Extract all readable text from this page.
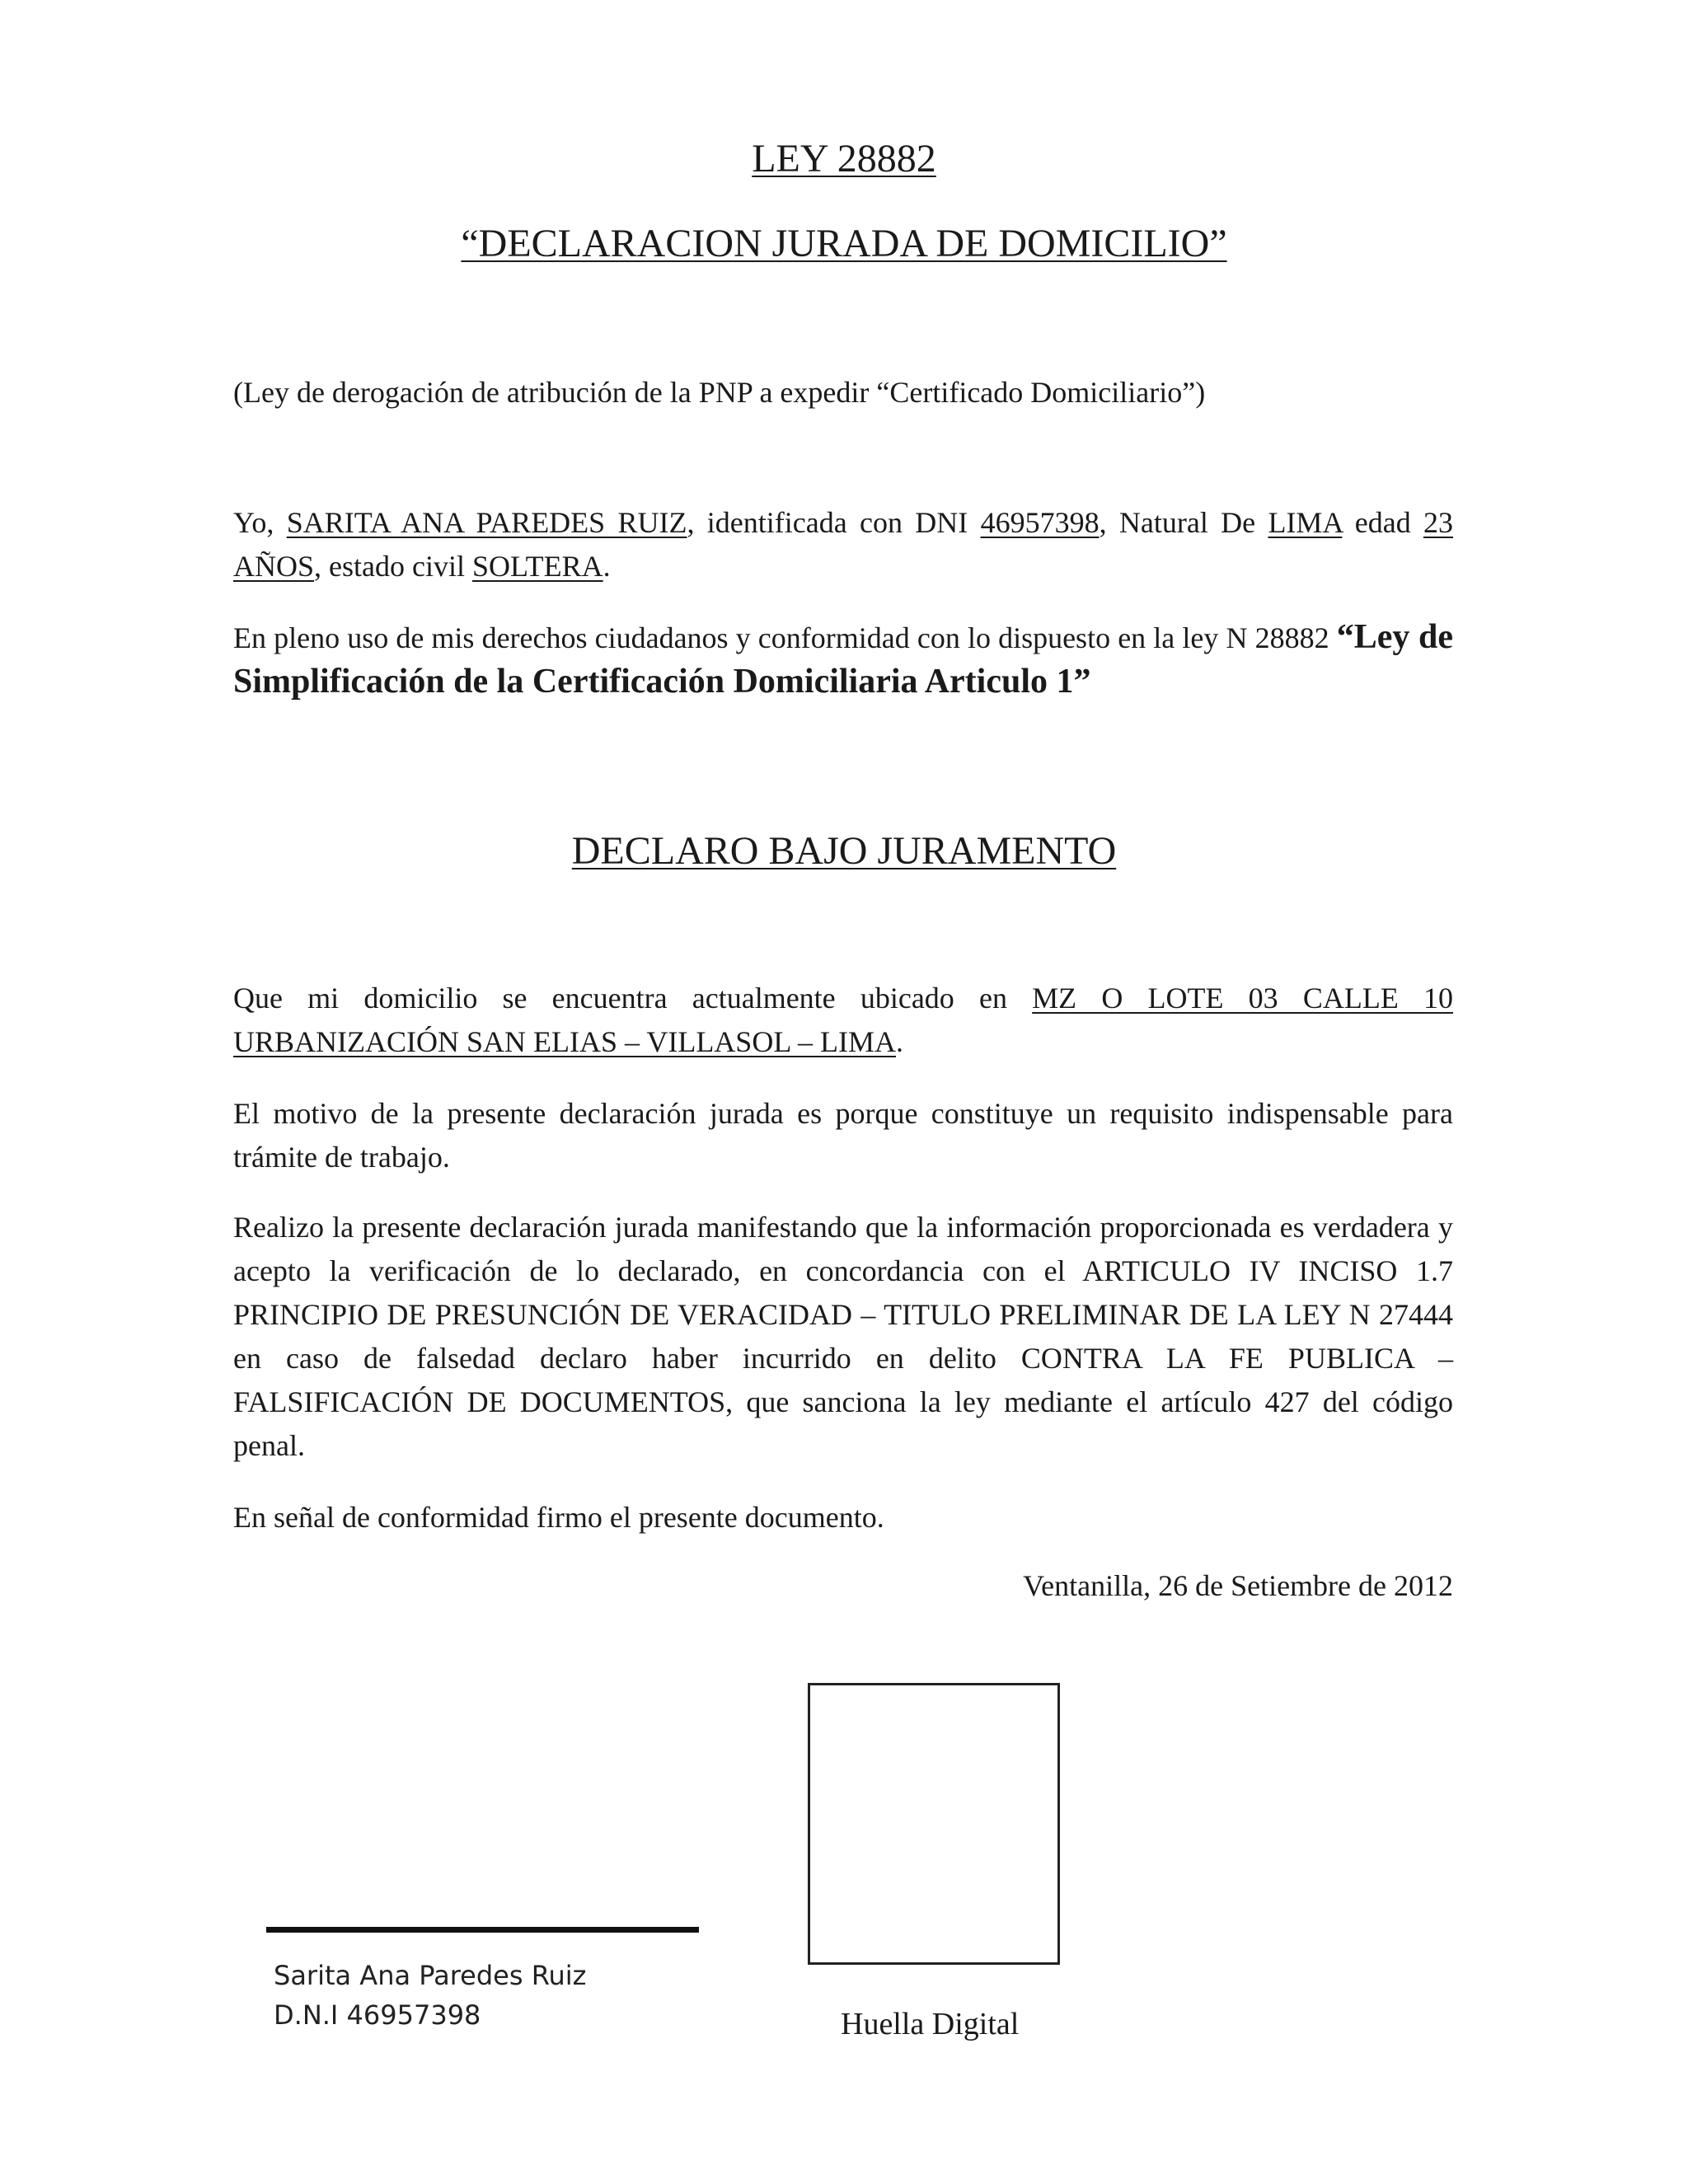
LEY 28882
“DECLARACION JURADA DE DOMICILIO”
(Ley de derogación de atribución de la PNP a expedir “Certificado Domiciliario”)
Yo, SARITA ANA PAREDES RUIZ, identificada con DNI 46957398, Natural De LIMA edad 23 AÑOS, estado civil SOLTERA.
En pleno uso de mis derechos ciudadanos y conformidad con lo dispuesto en la ley N 28882 “Ley de Simplificación de la Certificación Domiciliaria Articulo 1”
DECLARO BAJO JURAMENTO
Que mi domicilio se encuentra actualmente ubicado en MZ O LOTE 03 CALLE 10 URBANIZACIÓN SAN ELIAS – VILLASOL – LIMA.
El motivo de la presente declaración jurada es porque constituye un requisito indispensable para trámite de trabajo.
Realizo la presente declaración jurada manifestando que la información proporcionada es verdadera y acepto la verificación de lo declarado, en concordancia con el ARTICULO IV INCISO 1.7 PRINCIPIO DE PRESUNCIÓN DE VERACIDAD – TITULO PRELIMINAR DE LA LEY N 27444 en caso de falsedad declaro haber incurrido en delito CONTRA LA FE PUBLICA – FALSIFICACIÓN DE DOCUMENTOS, que sanciona la ley mediante el artículo 427 del código penal.
En señal de conformidad firmo el presente documento.
Ventanilla, 26 de Setiembre de 2012
Huella Digital
Sarita Ana Paredes Ruiz
D.N.I 46957398
